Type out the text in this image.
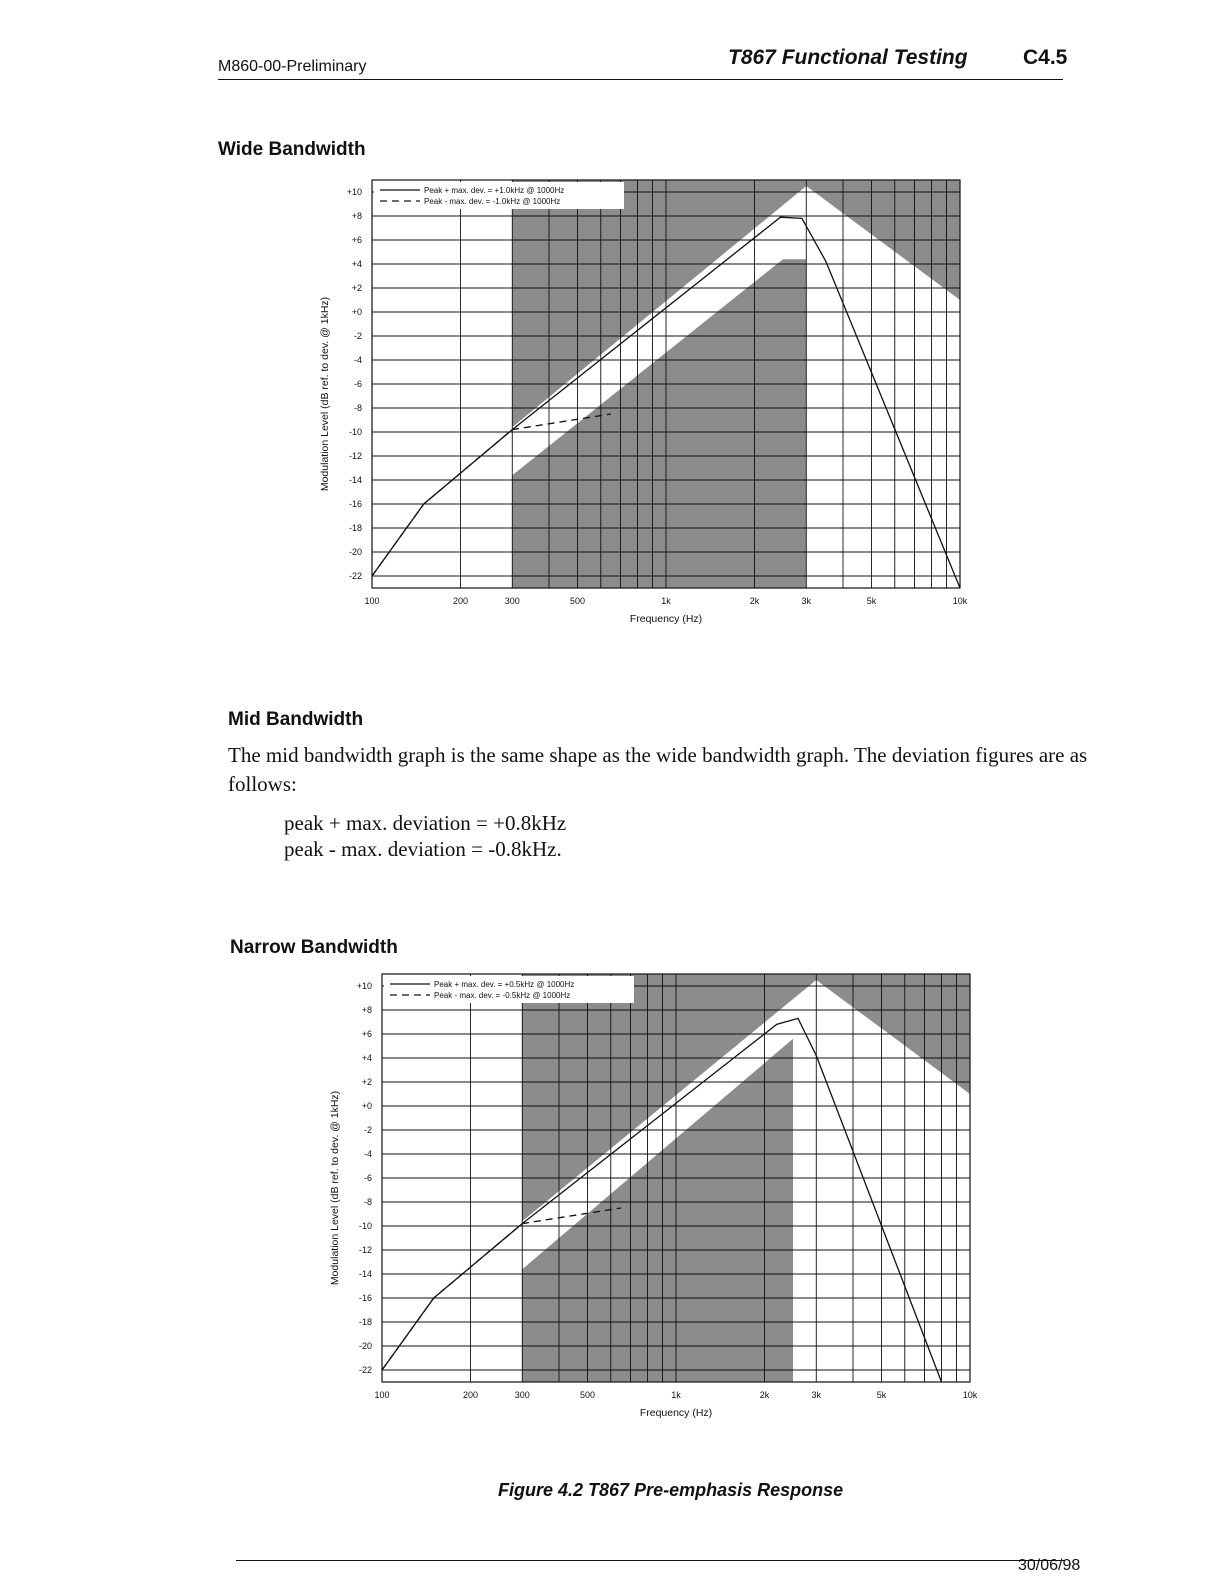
M860-00-Preliminary	T867 Functional Testing	C4.5
Wide Bandwidth
+10
+8
+6
+4
+2
+0
-2
-4
-6
-8
-10
-12
-14
-16
-18
-20
-22
100	200	300	500	1k	2k	3k	5k	10k
Peak + max. dev. = +1.0kHz @ 1000Hz
Peak - max. dev. = -1.0kHz @ 1000Hz
Frequency (Hz)
Modulation Level (dB ref. to dev. @ 1kHz)
Mid Bandwidth
The mid bandwidth graph is the same shape as the wide bandwidth graph. The deviation figures are as follows:
peak + max. deviation = +0.8kHz
peak - max. deviation = -0.8kHz.
Narrow Bandwidth
+10
+8
+6
+4
+2
+0
-2
-4
-6
-8
-10
-12
-14
-16
-18
-20
-22
100	200	300	500	1k	2k	3k	5k	10k
Peak + max. dev. = +0.5kHz @ 1000Hz
Peak - max. dev. = -0.5kHz @ 1000Hz
Frequency (Hz)
Modulation Level (dB ref. to dev. @ 1kHz)
Figure 4.2 T867 Pre-emphasis Response
30/06/98
